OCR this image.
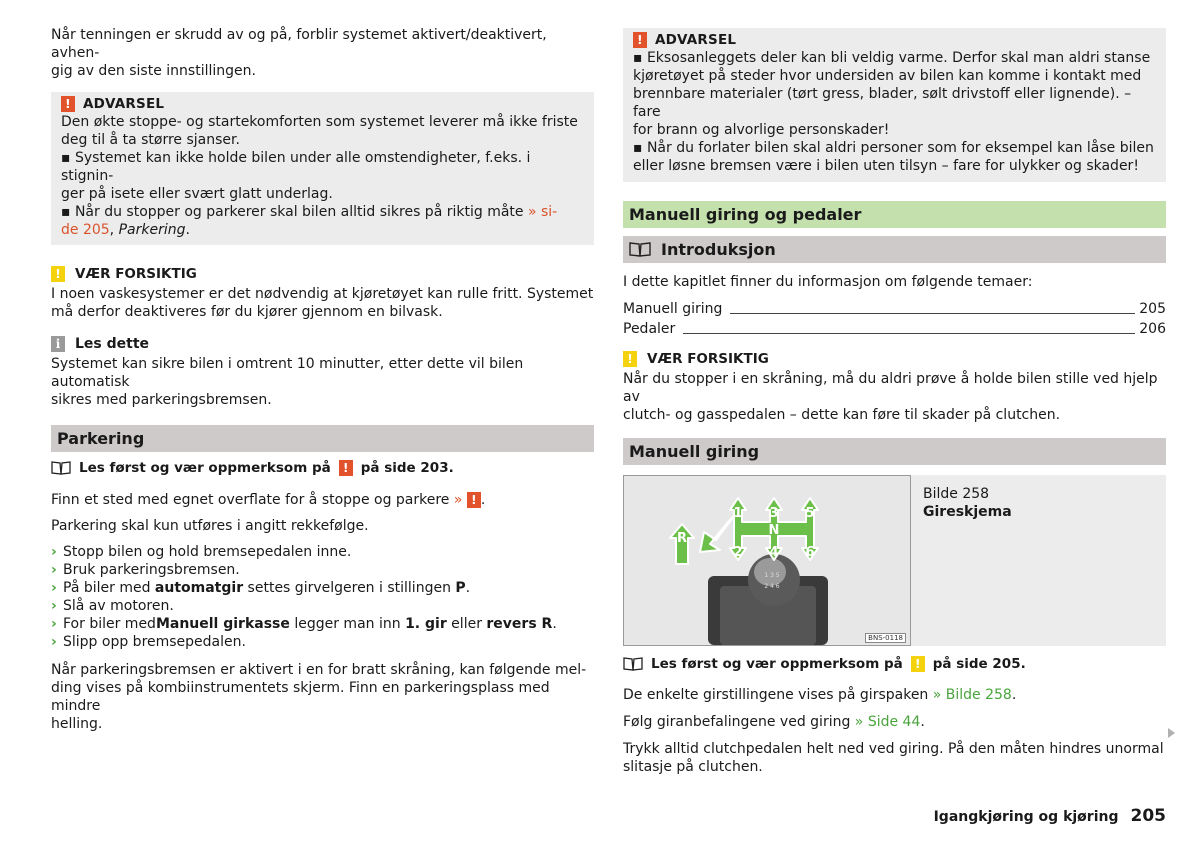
Når tenningen er skrudd av og på, forblir systemet aktivert/deaktivert, avhen-

gig av den siste innstillingen.

! ADVARSEL

Den økte stoppe- og startekomforten som systemet leverer må ikke friste

deg til å ta større sjanser.

▪ Systemet kan ikke holde bilen under alle omstendigheter, f.eks. i stignin-

ger på isete eller svært glatt underlag.

▪ Når du stopper og parkerer skal bilen alltid sikres på riktig måte » si-

de 205, Parkering.

!	VÆR FORSIKTIG

I noen vaskesystemer er det nødvendig at kjøretøyet kan rulle fritt. Systemet

må derfor deaktiveres før du kjører gjennom en bilvask.

i	Les dette

Systemet kan sikre bilen i omtrent 10 minutter, etter dette vil bilen automatisk

sikres med parkeringsbremsen.

Parkering
Les først og vær oppmerksom på	! på side 203.

Finn et sted med egnet overflate for å stoppe og parkere » ! .

Parkering skal kun utføres i angitt rekkefølge.

› Stopp bilen og hold bremsepedalen inne.
› Bruk parkeringsbremsen.
› På biler med automatgir settes girvelgeren i stillingen P.
› Slå av motoren.
› For biler medManuell girkasse legger man inn 1. gir eller revers R.
› Slipp opp bremsepedalen.

Når parkeringsbremsen er aktivert i en for bratt skråning, kan følgende mel-

ding vises på kombiinstrumentets skjerm. Finn en parkeringsplass med mindre

helling.

! ADVARSEL

▪ Eksosanleggets deler kan bli veldig varme. Derfor skal man aldri stanse

kjøretøyet på steder hvor undersiden av bilen kan komme i kontakt med

brennbare materialer (tørt gress, blader, sølt drivstoff eller lignende). – fare

for brann og alvorlige personskader!

▪ Når du forlater bilen skal aldri personer som for eksempel kan låse bilen

eller løsne bremsen være i bilen uten tilsyn – fare for ulykker og skader!

Manuell giring og pedaler
Introduksjon

I dette kapitlet finner du informasjon om følgende temaer:

Manuell giring	205
Pedaler	206
!	VÆR FORSIKTIG

Når du stopper i en skråning, må du aldri prøve å holde bilen stille ved hjelp av

clutch- og gasspedalen – dette kan føre til skader på clutchen.

Manuell giring
1 3 5
2 4 6
1 3 5
N
2 4 6
R
BNS-0118

Bilde 258

Gireskjema

Les først og vær oppmerksom på	! på side 205.

De enkelte girstillingene vises på girspaken » Bilde 258.

Følg giranbefalingene ved giring » Side 44.

Trykk alltid clutchpedalen helt ned ved giring. På den måten hindres unormal

slitasje på clutchen.

Igangkjøring og kjøring 205
